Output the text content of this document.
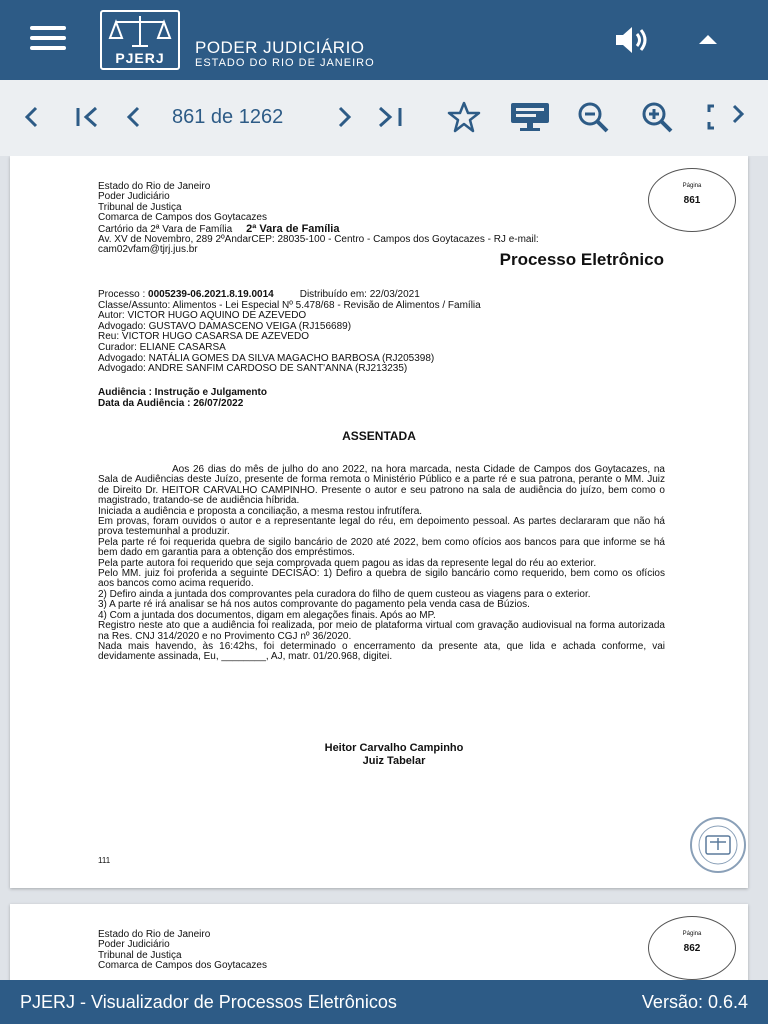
PJERJ
PODER JUDICIÁRIO
ESTADO DO RIO DE JANEIRO
861 de 1262
Estado do Rio de Janeiro
Poder Judiciário
Tribunal de Justiça
Comarca de Campos dos Goytacazes
Cartório da 2ª Vara de Família 2ª Vara de Família
Av. XV de Novembro, 289 2ºAndarCEP: 28035-100 - Centro - Campos dos Goytacazes - RJ e-mail:
cam02vfam@tjrj.jus.br
Página
861
Processo Eletrônico
Processo : 0005239-06.2021.8.19.0014	Distribuído em: 22/03/2021
Classe/Assunto: Alimentos - Lei Especial Nº 5.478/68 - Revisão de Alimentos / Família
Autor: VICTOR HUGO AQUINO DE AZEVEDO
Advogado: GUSTAVO DAMASCENO VEIGA (RJ156689)
Reu: VICTOR HUGO CASARSA DE AZEVEDO
Curador: ELIANE CASARSA
Advogado: NATÁLIA GOMES DA SILVA MAGACHO BARBOSA (RJ205398)
Advogado: ANDRE SANFIM CARDOSO DE SANT'ANNA (RJ213235)
Audiência : Instrução e Julgamento
Data da Audiência : 26/07/2022
ASSENTADA

Aos 26 dias do mês de julho do ano 2022, na hora marcada, nesta Cidade de Campos dos Goytacazes, na Sala de Audiências deste Juízo, presente de forma remota o Ministério Público e a parte ré e sua patrona, perante o MM. Juiz de Direito Dr. HEITOR CARVALHO CAMPINHO. Presente o autor e seu patrono na sala de audiência do juízo, bem como o magistrado, tratando-se de audiência híbrida.

Iniciada a audiência e proposta a conciliação, a mesma restou infrutífera.

Em provas, foram ouvidos o autor e a representante legal do réu, em depoimento pessoal. As partes declararam que não há prova testemunhal a produzir.

Pela parte ré foi requerida quebra de sigilo bancário de 2020 até 2022, bem como ofícios aos bancos para que informe se há bem dado em garantia para a obtenção dos empréstimos.

Pela parte autora foi requerido que seja comprovada quem pagou as idas da represente legal do réu ao exterior.

Pelo MM. juiz foi proferida a seguinte DECISÃO: 1) Defiro a quebra de sigilo bancário como requerido, bem como os ofícios aos bancos como acima requerido.

2) Defiro ainda a juntada dos comprovantes pela curadora do filho de quem custeou as viagens para o exterior.

3) A parte ré irá analisar se há nos autos comprovante do pagamento pela venda casa de Búzios.

4) Com a juntada dos documentos, digam em alegações finais. Após ao MP.

Registro neste ato que a audiência foi realizada, por meio de plataforma virtual com gravação audiovisual na forma autorizada na Res. CNJ 314/2020 e no Provimento CGJ nº 36/2020.

Nada mais havendo, às 16:42hs, foi determinado o encerramento da presente ata, que lida e achada conforme, vai devidamente assinada, Eu, ________, AJ, matr. 01/20.968, digitei.

Heitor Carvalho Campinho
Juiz Tabelar
111
Estado do Rio de Janeiro
Poder Judiciário
Tribunal de Justiça
Comarca de Campos dos Goytacazes
Página
862
PJERJ - Visualizador de Processos Eletrônicos	Versão: 0.6.4
